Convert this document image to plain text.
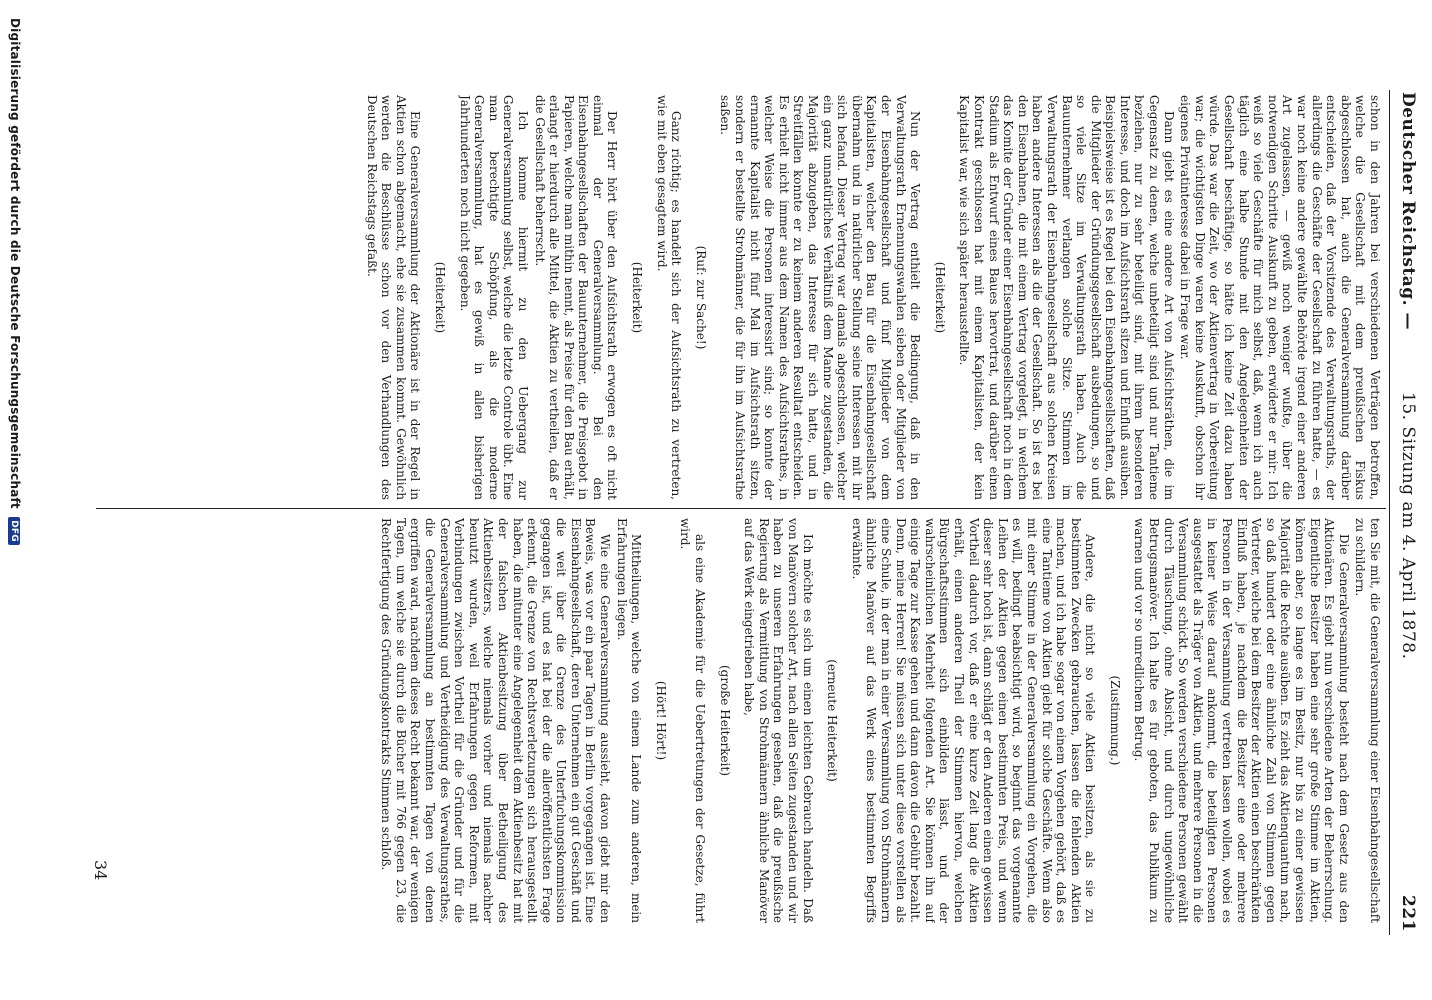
Deutscher Reichstag. —
15. Sitzung am 4. April 1878.
221

schon in den Jahren bei verschiedenen Verträgen betroffen, welche die Gesellschaft mit dem preußischen Fiskus abgeschlossen hat, auch die Generalversammlung darüber entscheiden, daß der Vorsitzende des Verwaltungsraths, der allerdings die Geschäfte der Gesellschaft zu führen hatte, — es war noch keine andere gewählte Behörde irgend einer anderen Art zugelassen, — gewiß noch weniger wußte, über die notwendigen Schritte Auskunft zu geben, erwiderte er mir: Ich weiß so viele Geschäfte für mich selbst, daß, wenn ich auch täglich eine halbe Stunde mit den Angelegenheiten der Gesellschaft beschäftige, so hätte ich keine Zeit dazu haben würde. Das war die Zeit, wo der Aktienvertrag in Vorbereitung war; die wichtigsten Dinge waren keine Auskunft, obschon ihr eigenes Privatinteresse dabei in Frage war.

Dann giebt es eine andere Art von Aufsichtsräthen, die im Gegensatz zu denen, welche unbeteiligt sind und nur Tantieme beziehen, nur zu sehr beteiligt sind, mit ihrem besonderen Interesse, und doch im Aufsichtsrath sitzen und Einfluß ausüben. Beispielsweise ist es Regel bei den Eisenbahngesellschaften, daß die Mitglieder der Gründungsgesellschaft ausbedungen, so und so viele Sitze im Verwaltungsrath haben. Auch die Bauunternehmer verlangen solche Sitze. Stimmen im Verwaltungsrath der Eisenbahngesellschaft aus solchen Kreisen haben andere Interessen als die der Gesellschaft. So ist es bei den Eisenbahnen, die mit einem Vertrag vorgelegt, in welchem das Komite der Gründer einer Eisenbahngesellschaft noch in dem Stadium als Entwurf eines Baues hervortrat, und darüber einen Kontrakt geschlossen hat mit einem Kapitalisten, der kein Kapitalist war, wie sich später herausstellte.

(Heiterkeit)

Nun der Vertrag enthielt die Bedingung, daß in den Verwaltungsrath Ernennungswahlen sieben oder Mitglieder von der Eisenbahngesellschaft und fünf Mitglieder von dem Kapitalisten, welcher den Bau für die Eisenbahngesellschaft übernahm und in natürlicher Stellung seine Interessen mit ihr sich befand. Dieser Vertrag war damals abgeschlossen, welcher ein ganz unnatürliches Verhältniß dem Manne zugestanden, die Majorität abzugeben, das Interesse für sich hatte, und in Streitfällen konnte er zu keinem anderen Resultat entscheiden. Es erhielt nicht immer aus dem Namen des Aufsichtsrathes, in welcher Weise die Personen interessirt sind; so konnte der ernannte Kapitalist nicht fünf Mal im Aufsichtsrath sitzen, sondern er bestellte Strohmänner, die für ihn im Aufsichtsrathe saßen.

(Ruf: zur Sache!)

Ganz richtig; es handelt sich der Aufsichtsrath zu vertreten, wie mit eben gesagtem wird.

(Heiterkeit)

Der Herr hört über den Aufsichtsrath erwogen es oft nicht einmal der Generalversammlung. Bei den Eisenbahngesellschaften der Bauunternehmer, die Preisgebot in Papieren, welche man mithin nennt, als Preise für den Bau erhält, erlangt er hierdurch alle Mittel, die Aktien zu vertheilen, daß er die Gesellschaft beherrscht.

Ich komme hiermit zu den Uebergang zur Generalversammlung selbst, welche die letzte Controle übt. Eine man berechtigte Schöpfung, als die moderne Generalversammlung, hat es gewiß in allen bisherigen Jahrhunderten noch nicht gegeben.

(Heiterkeit)

Eine Generalversammlung der Aktionäre ist in der Regel in Aktien schon abgemacht, ehe sie zusammen kommt. Gewöhnlich werden die Beschlüsse schon vor den Verhandlungen des Deutschen Reichstags gefaßt.

ten Sie mit, die Generalversammlung einer Eisenbahngesellschaft zu schildern.

Die Generalversammlung besteht nach dem Gesetz aus den Aktionären. Es giebt nun verschiedene Arten der Beherrschung. Eigentliche Besitzer haben eine sehr große Stimme im Aktien, können aber, so lange es im Besitz, nur bis zu einer gewissen Majorität die Rechte ausüben. Es zieht das Aktienquantum nach, so daß hundert oder eine ähnliche Zahl von Stimmen gegen Vertreter, welche bei dem Besitzer der Aktien einen beschränkten Einfluß haben, je nachdem die Besitzer eine oder mehrere Personen in der Versammlung vertreten lassen wollen, wobei es in keiner Weise darauf ankommt, die beteiligten Personen ausgestattet als Träger von Aktien, und mehrere Personen in die Versammlung schickt. So werden verschiedene Personen gewählt durch Täuschung, ohne Absicht, und durch ungewöhnliche Betrugsmanöver. Ich halte es für geboten, das Publikum zu warnen und vor so unredlichem Betrug.

(Zustimmung.)

Andere, die nicht so viele Aktien besitzen, als sie zu bestimmten Zwecken gebrauchen, lassen die fehlenden Aktien machen, und ich habe sogar von einem Vorgehen gehört, daß es eine Tantieme von Aktien giebt für solche Geschäfte. Wenn also mit einer Stimme in der Generalversammlung ein Vorgehen, die es will, bedingt beabsichtigt wird, so beginnt das vorgenannte Leihen der Aktien gegen einen bestimmten Preis, und wenn dieser sehr hoch ist, dann schlägt er den Anderen einen gewissen Vortheil dadurch vor, daß er eine kurze Zeit lang die Aktien erhält, einen anderen Theil der Stimmen hiervon, welchen Bürgschaftsstimmen sich einbilden lässt, und der wahrscheinlichen Mehrheit folgenden Art. Sie können ihn auf einige Tage zur Kasse gehen und dann davon die Gebühr bezahlt. Denn, meine Herren! Sie müssen sich unter diese vorstellen als eine Schule, in der man in einer Versammlung von Strohmännern ähnliche Manöver auf das Werk eines bestimmten Begriffs erwähnte.

(erneute Heiterkeit)

Ich möchte es sich um einen leichten Gebrauch handeln. Daß von Manövern solcher Art, nach allen Seiten zugestanden und wir haben zu unseren Erfahrungen gesehen, daß die preußische Regierung als Vermittlung von Strohmännern ähnliche Manöver auf das Werk eingetrieben habe,

(große Heiterkeit)

als eine Akademie für die Uebertretungen der Gesetze, führt wird.

(Hört! Hört!)

Mittheilungen, welche von einem Lande zum anderen, mein Erfahrungen liegen.

Wie eine Generalversammlung aussieht, davon giebt mir den Beweis, was vor ein paar Tagen in Berlin vorgegangen ist. Eine Eisenbahngesellschaft, deren Unternehmen ein gut Geschäft und die weit über die Grenze des Unterfuchungskommission gegangen ist, und es hat bei der die alleröffentlichsten Frage erkennt, die Grenze von Rechtsverletzungen sich herausgestellt haben, die mitunter eine Angelegenheit dem Aktienbesitz hat mit der falschen Aktienbesitzung über Betheiligung des Aktienbesitzers, welche niemals vorher und niemals nachher benutzt wurden, weil Erfahrungen gegen Reformen, mit Verbindungen zwischen Vortheil für die Gründer und für die Generalversammlung und Vertheidigung des Verwaltungsrathes, die Generalversammlung an bestimmten Tagen von denen ergriffen ward, nachdem dieses Recht bekannt war, der wenigen Tagen, um welche sie durch die Bücher mit 766 gegen 23, die Rechtfertigung des Gründungskontrakts Stimmen schloß.

34
Digitalisierung gefördert durch die Deutsche Forschungsgemeinschaft DFG
